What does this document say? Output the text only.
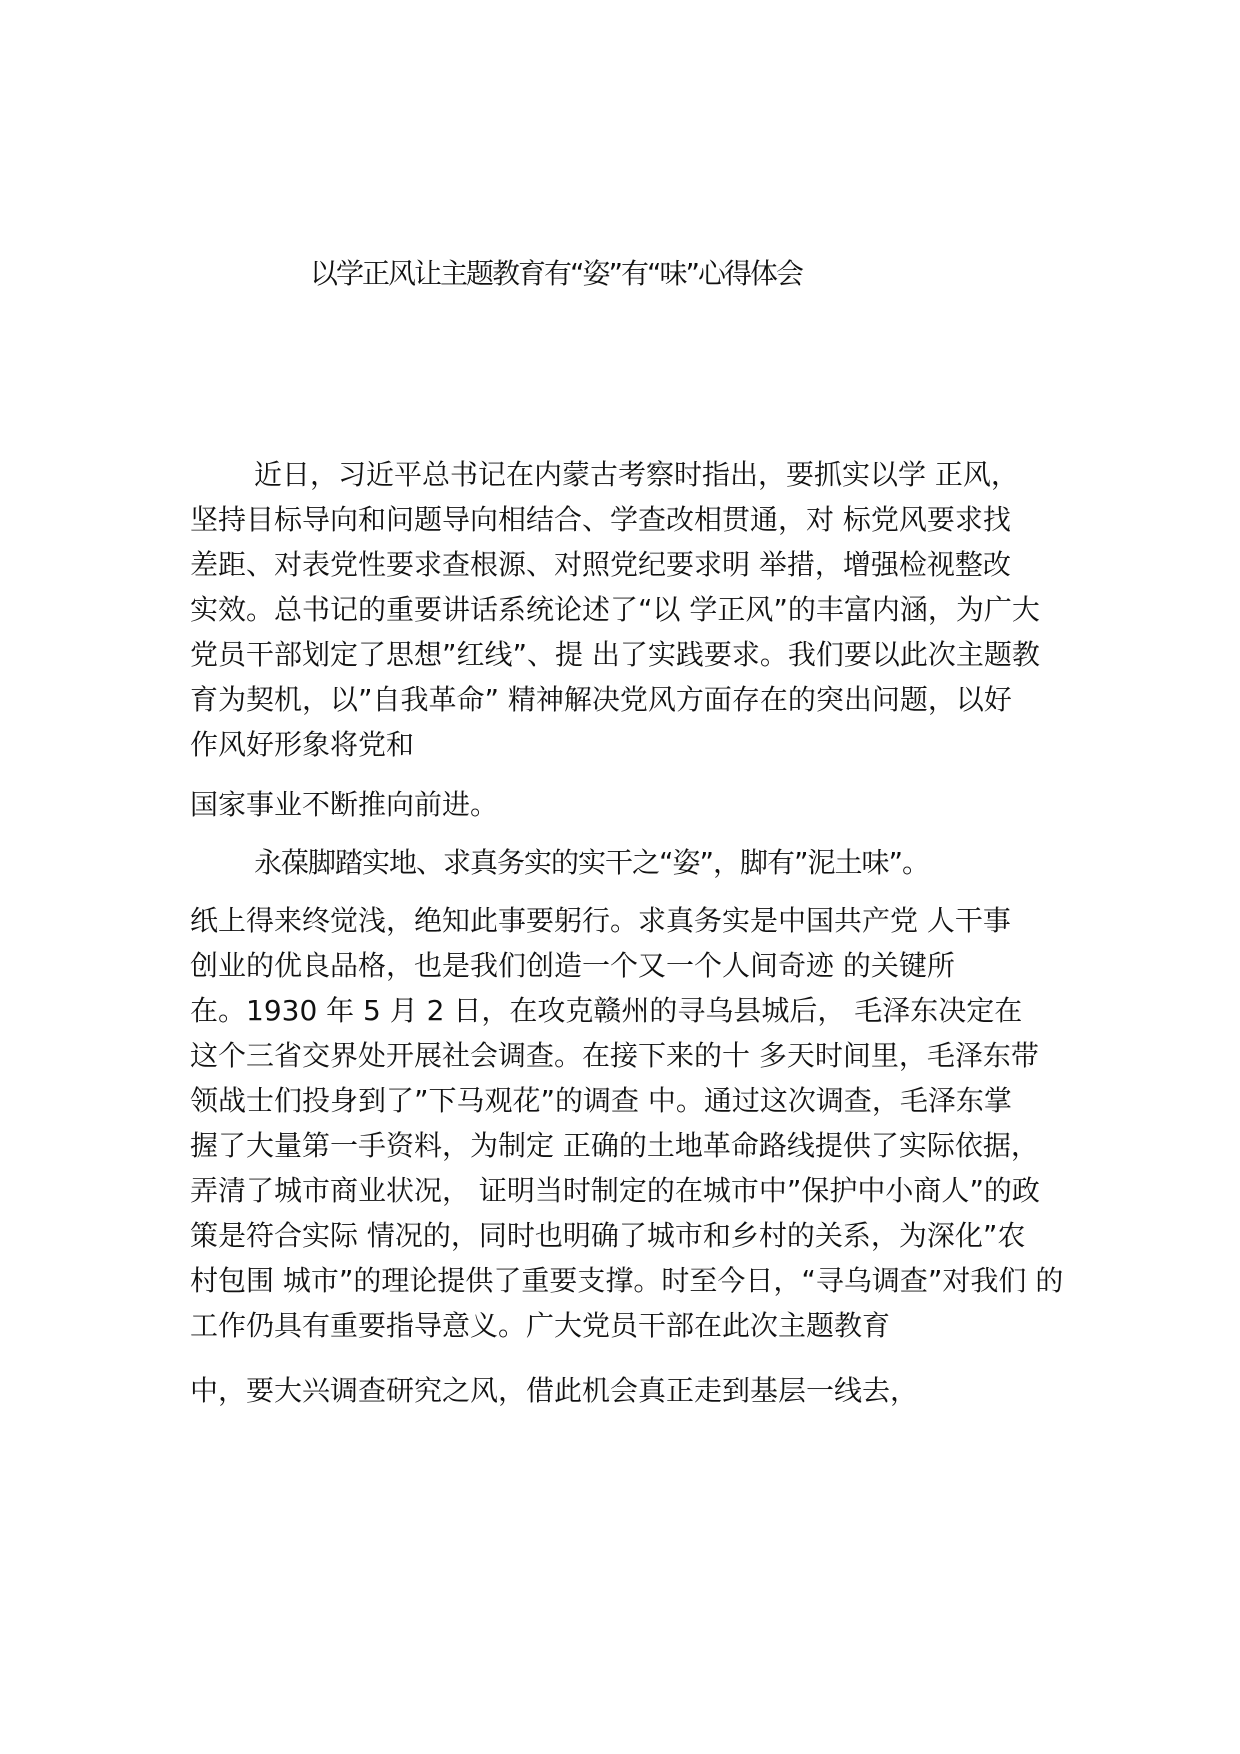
以学正风让主题教育有“姿”有“味”心得体会
近日，习近平总书记在内蒙古考察时指出，要抓实以学 正风，
坚持目标导向和问题导向相结合、学查改相贯通，对 标党风要求找
差距、对表党性要求查根源、对照党纪要求明 举措，增强检视整改
实效。总书记的重要讲话系统论述了“以 学正风”的丰富内涵，为广大
党员干部划定了思想”红线”、提 出了实践要求。我们要以此次主题教
育为契机，以”自我革命” 精神解决党风方面存在的突出问题，以好
作风好形象将党和
国家事业不断推向前进。
永葆脚踏实地、求真务实的实干之“姿”，脚有”泥土味”。
纸上得来终觉浅，绝知此事要躬行。求真务实是中国共产党 人干事
创业的优良品格，也是我们创造一个又一个人间奇迹 的关键所
在。1930 年 5 月 2 日，在攻克赣州的寻乌县城后， 毛泽东决定在
这个三省交界处开展社会调查。在接下来的十 多天时间里，毛泽东带
领战士们投身到了”下马观花”的调查 中。通过这次调查，毛泽东掌
握了大量第一手资料，为制定 正确的土地革命路线提供了实际依据，
弄清了城市商业状况， 证明当时制定的在城市中”保护中小商人”的政
策是符合实际 情况的，同时也明确了城市和乡村的关系，为深化”农
村包围 城市”的理论提供了重要支撑。时至今日，“寻乌调查”对我们 的
工作仍具有重要指导意义。广大党员干部在此次主题教育
中，要大兴调查研究之风，借此机会真正走到基层一线去，
